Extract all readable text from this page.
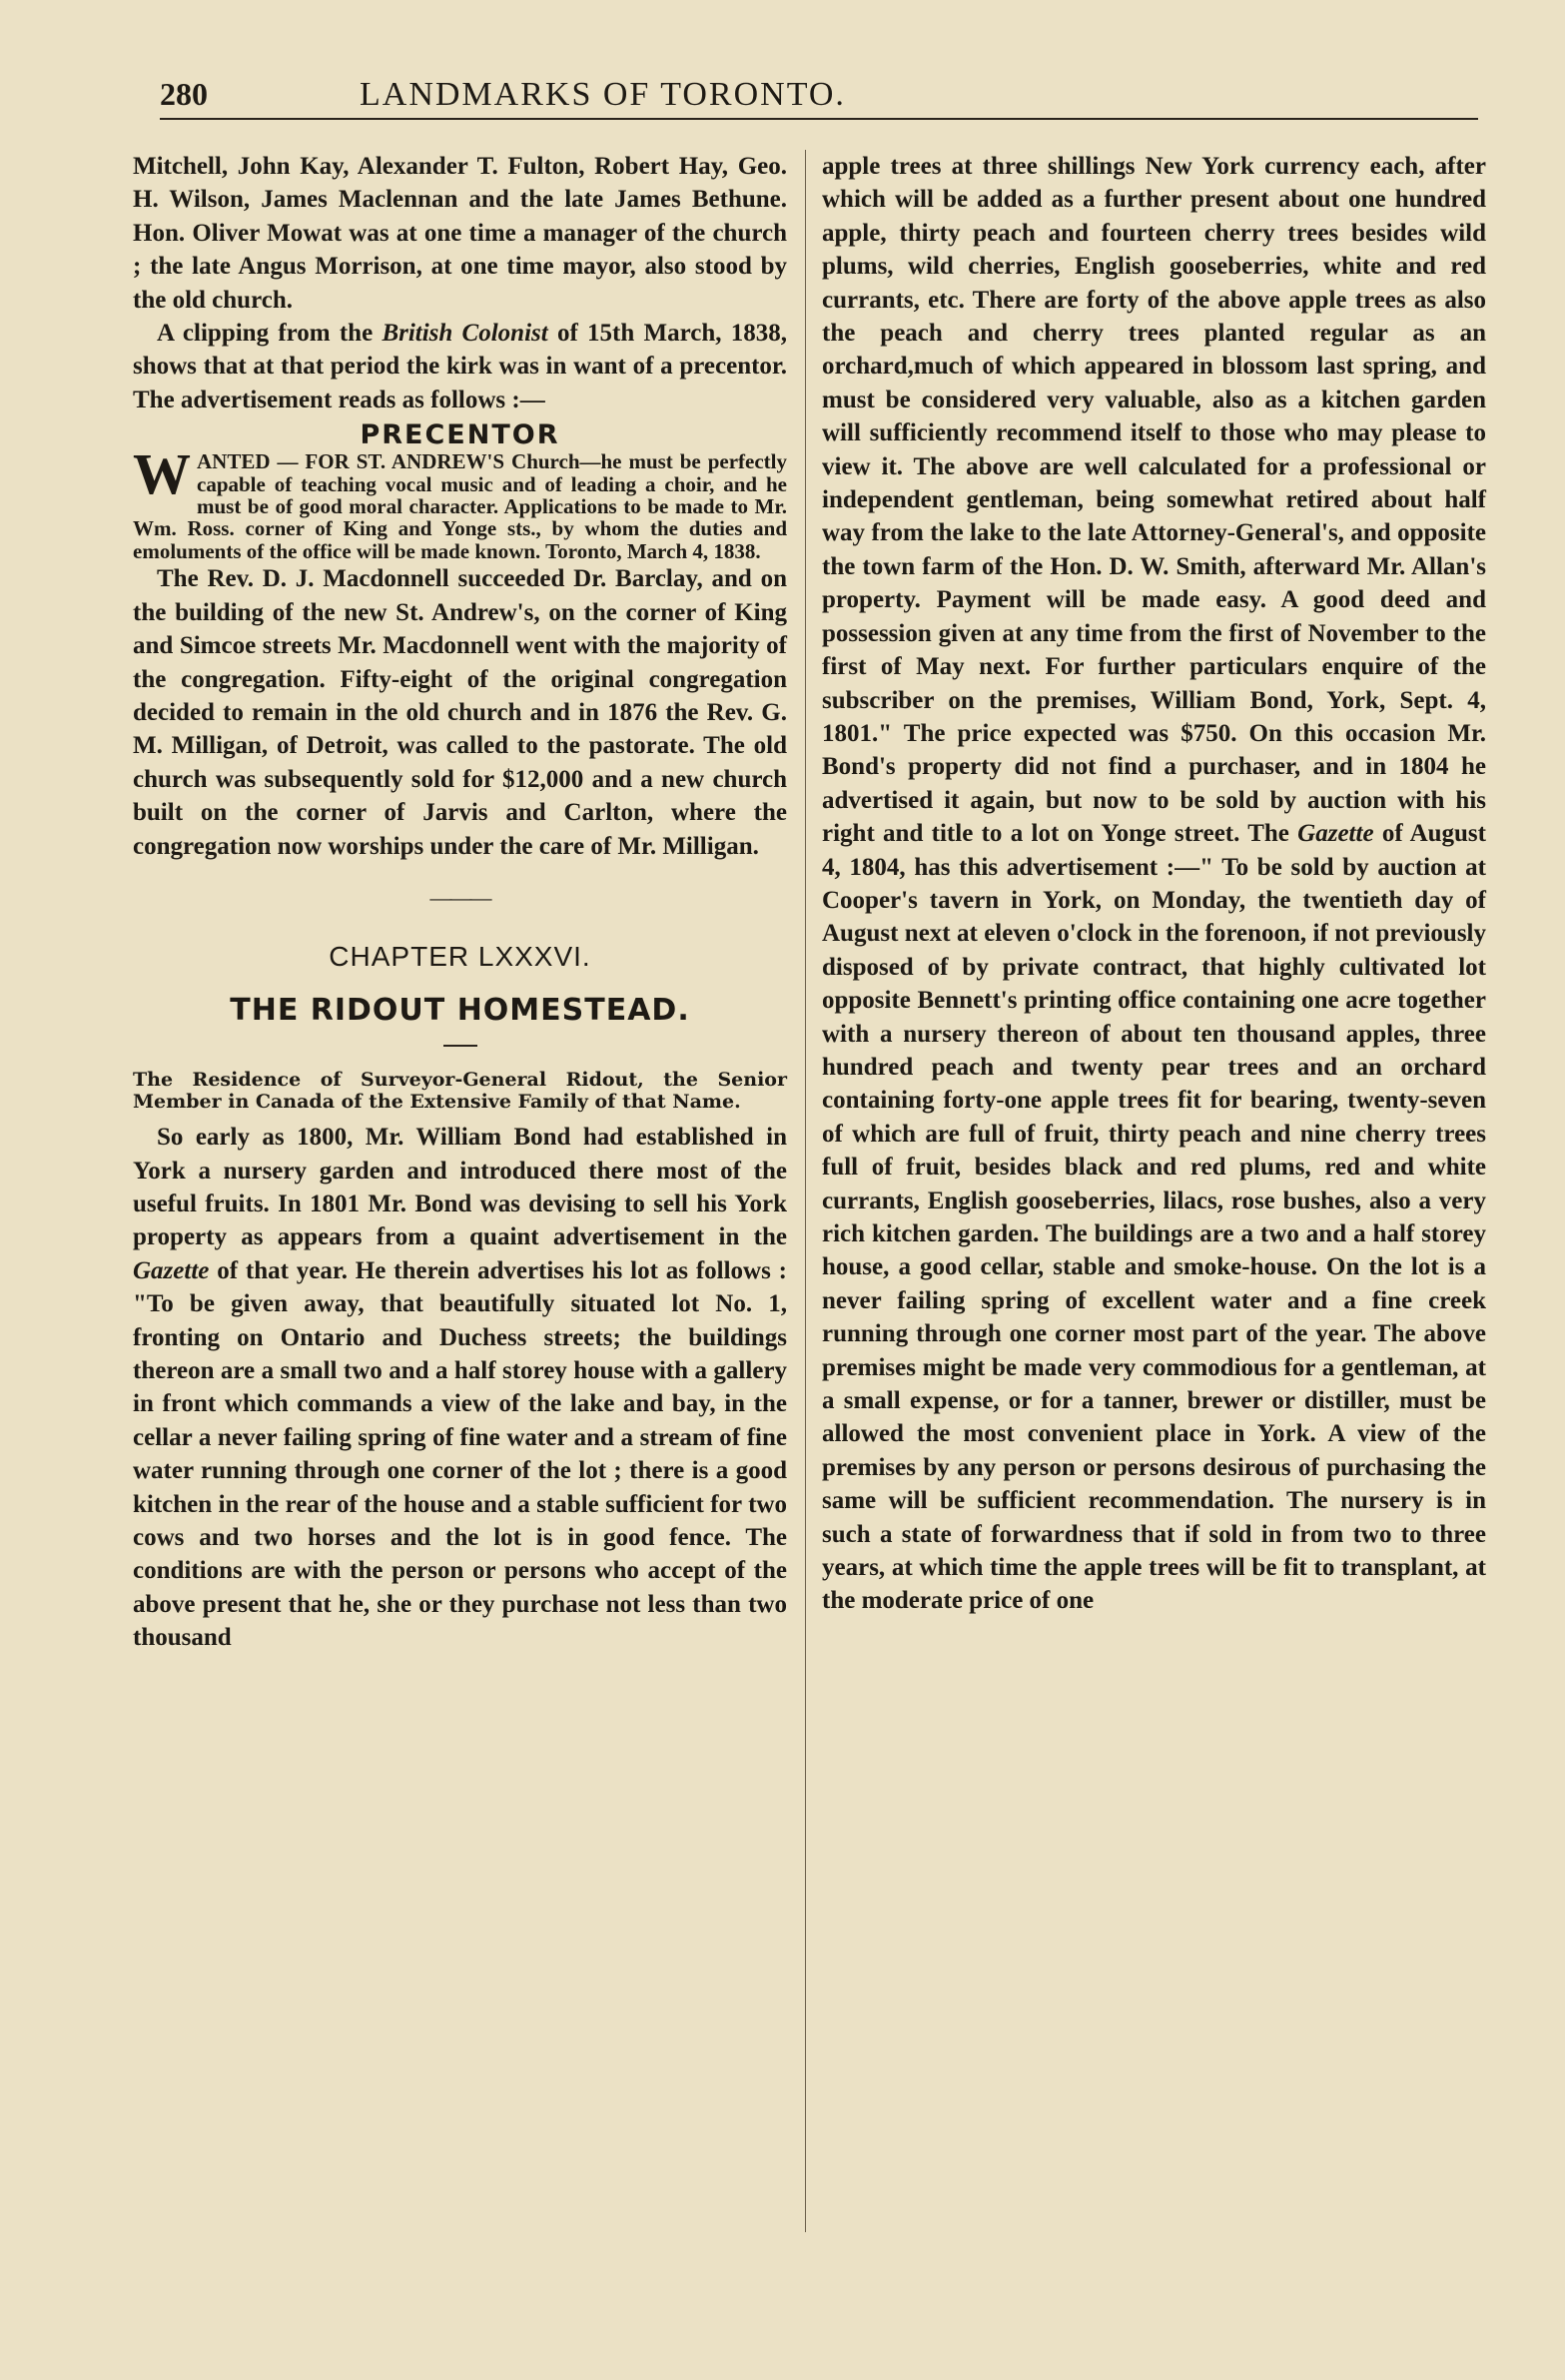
280	LANDMARKS OF TORONTO.

Mitchell, John Kay, Alexander T. Fulton, Robert Hay, Geo. H. Wilson, James Maclennan and the late James Bethune. Hon. Oliver Mowat was at one time a manager of the church ; the late Angus Morrison, at one time mayor, also stood by the old church.

A clipping from the British Colonist of 15th March, 1838, shows that at that period the kirk was in want of a precentor. The advertisement reads as follows :—

PRECENTOR
WANTED — FOR ST. ANDREW'S Church—he must be perfectly capable of teaching vocal music and of leading a choir, and he must be of good moral character. Applications to be made to Mr. Wm. Ross. corner of King and Yonge sts., by whom the duties and emoluments of the office will be made known. Toronto, March 4, 1838.

The Rev. D. J. Macdonnell succeeded Dr. Barclay, and on the building of the new St. Andrew's, on the corner of King and Simcoe streets Mr. Macdonnell went with the majority of the congregation. Fifty-eight of the original congregation decided to remain in the old church and in 1876 the Rev. G. M. Milligan, of Detroit, was called to the pastorate. The old church was subsequently sold for $12,000 and a new church built on the corner of Jarvis and Carlton, where the congregation now worships under the care of Mr. Milligan.

———
CHAPTER LXXXVI.
THE RIDOUT HOMESTEAD.
The Residence of Surveyor-General Ridout, the Senior Member in Canada of the Extensive Family of that Name.

So early as 1800, Mr. William Bond had established in York a nursery garden and introduced there most of the useful fruits. In 1801 Mr. Bond was devising to sell his York property as appears from a quaint advertisement in the Gazette of that year. He therein advertises his lot as follows : "To be given away, that beautifully situated lot No. 1, fronting on Ontario and Duchess streets; the buildings thereon are a small two and a half storey house with a gallery in front which commands a view of the lake and bay, in the cellar a never failing spring of fine water and a stream of fine water running through one corner of the lot ; there is a good kitchen in the rear of the house and a stable sufficient for two cows and two horses and the lot is in good fence. The conditions are with the person or persons who accept of the above present that he, she or they purchase not less than two thousand

apple trees at three shillings New York currency each, after which will be added as a further present about one hundred apple, thirty peach and fourteen cherry trees besides wild plums, wild cherries, English gooseberries, white and red currants, etc. There are forty of the above apple trees as also the peach and cherry trees planted regular as an orchard,much of which appeared in blossom last spring, and must be considered very valuable, also as a kitchen garden will sufficiently recommend itself to those who may please to view it. The above are well calculated for a professional or independent gentleman, being somewhat retired about half way from the lake to the late Attorney-General's, and opposite the town farm of the Hon. D. W. Smith, afterward Mr. Allan's property. Payment will be made easy. A good deed and possession given at any time from the first of November to the first of May next. For further particulars enquire of the subscriber on the premises, William Bond, York, Sept. 4, 1801." The price expected was $750. On this occasion Mr. Bond's property did not find a purchaser, and in 1804 he advertised it again, but now to be sold by auction with his right and title to a lot on Yonge street. The Gazette of August 4, 1804, has this advertisement :—" To be sold by auction at Cooper's tavern in York, on Monday, the twentieth day of August next at eleven o'clock in the forenoon, if not previously disposed of by private contract, that highly cultivated lot opposite Bennett's printing office containing one acre together with a nursery thereon of about ten thousand apples, three hundred peach and twenty pear trees and an orchard containing forty-one apple trees fit for bearing, twenty-seven of which are full of fruit, thirty peach and nine cherry trees full of fruit, besides black and red plums, red and white currants, English gooseberries, lilacs, rose bushes, also a very rich kitchen garden. The buildings are a two and a half storey house, a good cellar, stable and smoke-house. On the lot is a never failing spring of excellent water and a fine creek running through one corner most part of the year. The above premises might be made very commodious for a gentleman, at a small expense, or for a tanner, brewer or distiller, must be allowed the most convenient place in York. A view of the premises by any person or persons desirous of purchasing the same will be sufficient recommendation. The nursery is in such a state of forwardness that if sold in from two to three years, at which time the apple trees will be fit to transplant, at the moderate price of one
